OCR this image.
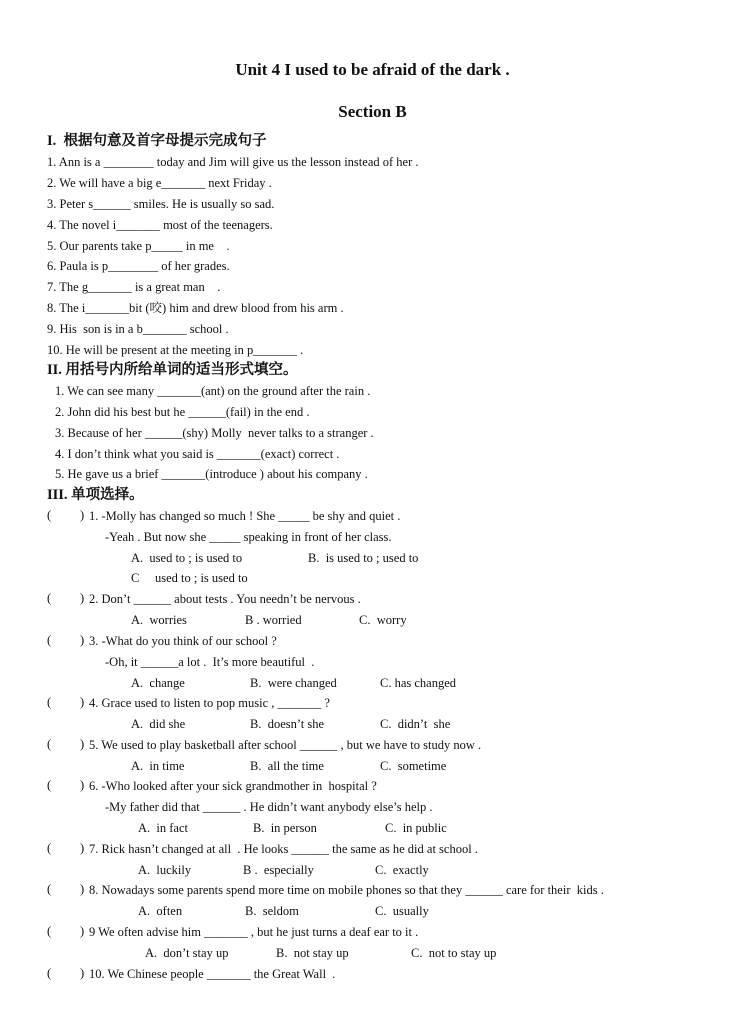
Unit 4 I used to be afraid of the dark .
Section B
I.  根据句意及首字母提示完成句子
1. Ann is a ________ today and Jim will give us the lesson instead of her .
2. We will have a big e_______ next Friday .
3. Peter s______ smiles. He is usually so sad.
4. The novel i_______ most of the teenagers.
5. Our parents take p_____ in me    .
6. Paula is p________ of her grades.
7. The g_______ is a great man    .
8. The i_______bit (咬) him and drew blood from his arm .
9. His  son is in a b_______ school .
10. He will be present at the meeting in p_______ .
II. 用括号内所给单词的适当形式填空。
1. We can see many _______(ant) on the ground after the rain .
2. John did his best but he ______(fail) in the end .
3. Because of her ______(shy) Molly  never talks to a stranger .
4. I don’t think what you said is _______(exact) correct .
5. He gave us a brief _______(introduce ) about his company .
III. 单项选择。
( ) 1. -Molly has changed so much ! She _____ be shy and quiet .
-Yeah . But now she _____ speaking in front of her class.
A.  used to ; is used to	B.  is used to ; used to
C     used to ; is used to
( ) 2. Don’t ______ about tests . You needn’t be nervous .
A.  worries	B . worried	C.  worry
( ) 3. -What do you think of our school ?
-Oh, it ______a lot .  It’s more beautiful  .
A.  change	B.  were changed	C. has changed
( ) 4. Grace used to listen to pop music , _______ ?
A.  did she	B.  doesn’t she	C.  didn’t  she
( ) 5. We used to play basketball after school ______ , but we have to study now .
A.  in time	B.  all the time	C.  sometime
( ) 6. -Who looked after your sick grandmother in  hospital ?
-My father did that ______ . He didn’t want anybody else’s help .
A.  in fact	B.  in person	C.  in public
( ) 7. Rick hasn’t changed at all  . He looks ______ the same as he did at school .
A.  luckily	B .  especially	C.  exactly
( ) 8. Nowadays some parents spend more time on mobile phones so that they ______ care for their  kids .
A.  often	B.  seldom	C.  usually
( ) 9 We often advise him _______ , but he just turns a deaf ear to it .
A.  don’t stay up	B.  not stay up	C.  not to stay up
( ) 10. We Chinese people _______ the Great Wall  .
